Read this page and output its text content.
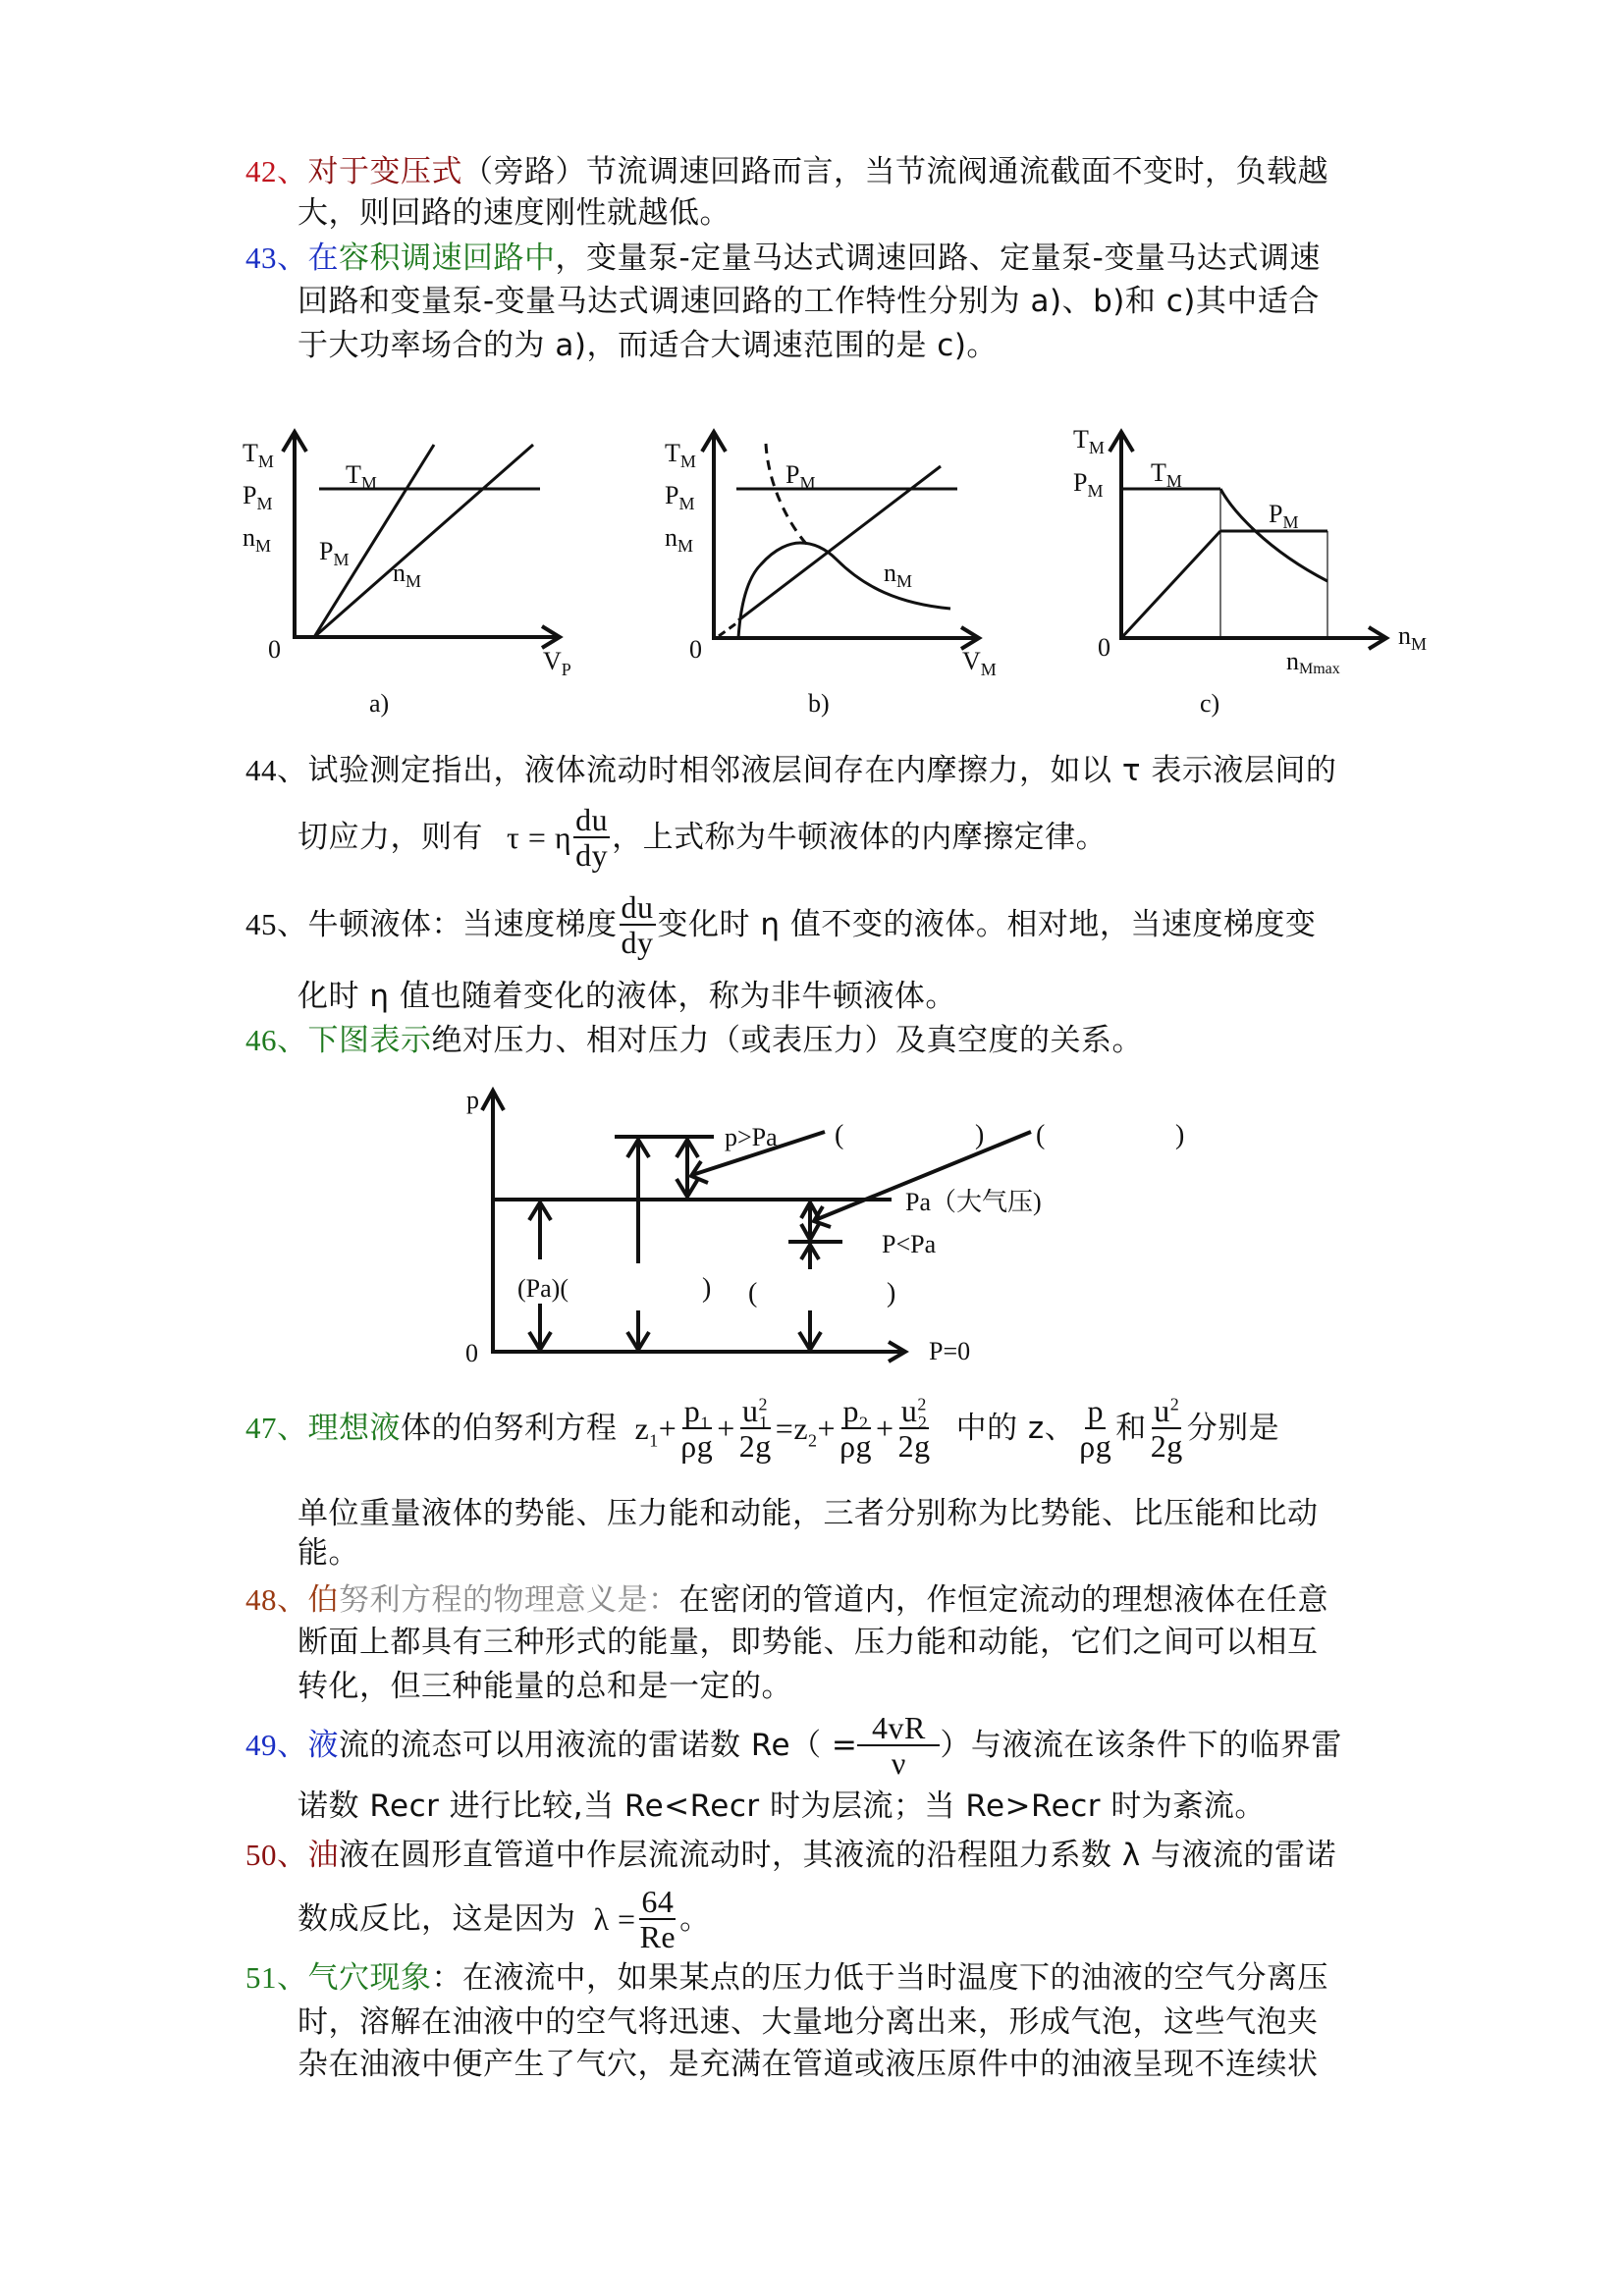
42、对于变压式（旁路）节流调速回路而言，当节流阀通流截面不变时，负载越
大，则回路的速度刚性就越低。
43、在容积调速回路中，变量泵-定量马达式调速回路、定量泵-变量马达式调速
回路和变量泵-变量马达式调速回路的工作特性分别为 a)、b)和 c)其中适合
于大功率场合的为 a)，而适合大调速范围的是 c)。
$T_M$
$P_M$
$n_M$
$T_M$
$P_M$ $n_M$
0	$V_P$
a)
$T_M$
$P_M$
$n_M$
$P_M$
$n_M$
0	$V_M$
b)
$T_M$
$P_M$
$T_M$
$P_M$
0	$n_M$
nMmax
c)
44、试验测定指出，液体流动时相邻液层间存在内摩擦力，如以 τ 表示液层间的
切应力，则有 τ = η $\frac{du}{dy}$ ，上式称为牛顿液体的内摩擦定律。
45、 牛顿液体：当速度梯度 $\frac{du}{dy}$ 变化时 η 值不变的液体。相对地，当速度梯度变
化时 η 值也随着变化的液体，称为非牛顿液体。
46、下图表示绝对压力、相对压力（或表压力）及真空度的关系。
p
0
p>Pa (	) (	)
Pa（大气压)
P<Pa
(Pa)(	) (	)
P=0
47、 理想液 体的伯努利方程 $z_1 + \frac{p_1}{\rho g} + \frac{u^2_1}{2g} = z_2 + \frac{p_2}{\rho g} + \frac{u^2_2}{2g}$ 中的 z、 $\frac{p}{\rho g}$ 和 $\frac{u^2}{2g}$ 分别是
单位重量液体的势能、压力能和动能，三者分别称为比势能、比压能和比动
能。
48、伯努利方程的物理意义是：在密闭的管道内，作恒定流动的理想液体在任意
断面上都具有三种形式的能量，即势能、压力能和动能，它们之间可以相互
转化，但三种能量的总和是一定的。
49、 液 流的流态可以用液流的雷诺数 $Re( = \frac{4vR}{\nu}$ ）与液流在该条件下的临界雷
诺数 Recr 进行比较,当 Re<Recr 时为层流；当 Re>Recr 时为紊流。
50、油液在圆形直管道中作层流流动时，其液流的沿程阻力系数 λ 与液流的雷诺
数成反比，这是因为 $\lambda = \frac{64}{Re}$ 。
51、气穴现象：在液流中，如果某点的压力低于当时温度下的油液的空气分离压
时，溶解在油液中的空气将迅速、大量地分离出来，形成气泡，这些气泡夹
杂在油液中便产生了气穴，是充满在管道或液压原件中的油液呈现不连续状
